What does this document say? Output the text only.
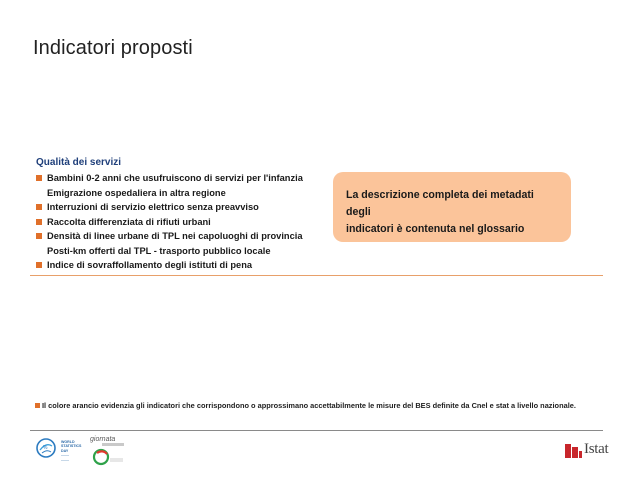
Indicatori proposti
Qualità dei servizi
Bambini 0-2 anni che usufruiscono di servizi per l'infanzia
Emigrazione ospedaliera in altra regione
Interruzioni di servizio elettrico senza preavviso
Raccolta differenziata di rifiuti urbani
Densità di linee urbane di TPL nei capoluoghi di provincia
Posti-km offerti dal TPL - trasporto pubblico locale
Indice di sovraffollamento degli istituti di pena
La descrizione completa dei metadati degli
indicatori è contenuta nel glossario
Il colore arancio evidenzia gli indicatori che corrispondono o approssimano accettabilmente le misure del BES definite da Cnel e stat a livello nazionale.
%
WORLD
STATISTICS
DAY
........
........
giornata
Istat
